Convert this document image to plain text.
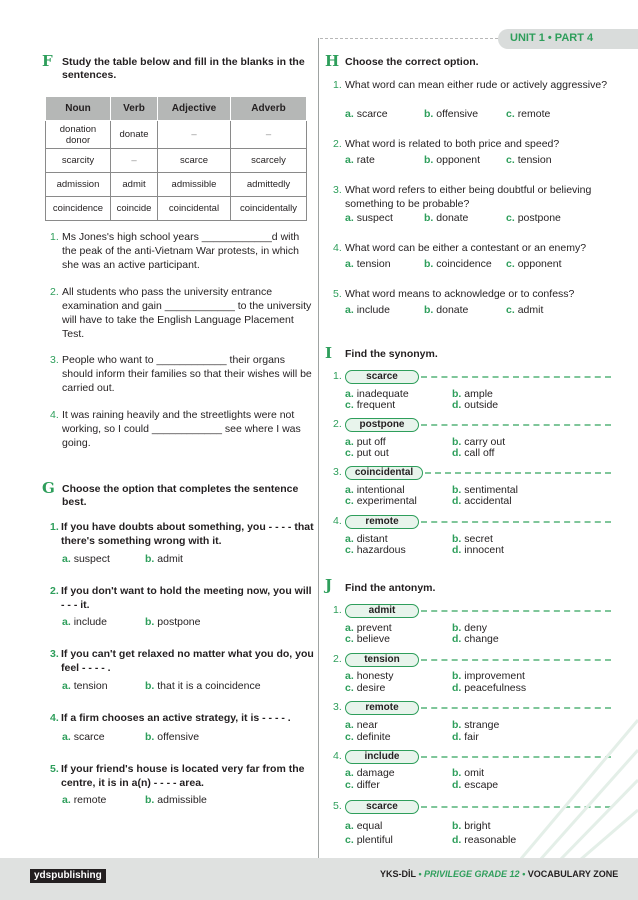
UNIT 1 • PART 4
F Study the table below and fill in the blanks in the sentences.
Noun	Verb	Adjective	Adverb
donation donor	donate	–	–
scarcity	–	scarce	scarcely
admission	admit	admissible	admittedly
coincidence	coincide	coincidental	coincidentally
1. Ms Jones's high school years ____________d with the peak of the anti-Vietnam War protests, in which she was an active participant.
2. All students who pass the university entrance examination and gain ____________ to the university will have to take the English Language Placement Test.
3. People who want to ____________ their organs should inform their families so that their wishes will be carried out.
4. It was raining heavily and the streetlights were not working, so I could ____________ see where I was going.
G Choose the option that completes the sentence best.
1. If you have doubts about something, you - - - - that there's something wrong with it.
a. suspect	b. admit
2. If you don't want to hold the meeting now, you will - - - it.
a. include	b. postpone
3. If you can't get relaxed no matter what you do, you feel - - - - .
a. tension	b. that it is a coincidence
4. If a firm chooses an active strategy, it is - - - - .
a. scarce	b. offensive
5. If your friend's house is located very far from the centre, it is in a(n) - - - - area.
a. remote	b. admissible
H Choose the correct option.
1. What word can mean either rude or actively aggressive?
a. scarce	b. offensive	c. remote
2. What word is related to both price and speed?
a. rate	b. opponent c. tension
3. What word refers to either being doubtful or believing something to be probable?
a. suspect	b. donate	c. postpone
4. What word can be either a contestant or an enemy?
a. tension	b. coincidence c. opponent
5. What word means to acknowledge or to confess?
a. include	b. donate	c. admit
I Find the synonym.
1.	scarce
a. inadequate	b. ample
c. frequent	d. outside
2.	postpone
a. put off	b. carry out
c. put out	d. call off
3.	coincidental
a. intentional	b. sentimental
c. experimental	d. accidental
4.	remote
a. distant	b. secret
c. hazardous	d. innocent
J Find the antonym.
1.	admit
a. prevent	b. deny
c. believe	d. change
2.	tension
a. honesty	b. improvement
c. desire	d. peacefulness
3.	remote
a. near	b. strange
c. definite	d. fair
4.	include
a. damage	b. omit
c. differ	d. escape
5.	scarce
a. equal	b. bright
c. plentiful	d. reasonable
ydspublishing	YKS-DİL • PRIVILEGE GRADE 12 • VOCABULARY ZONE
